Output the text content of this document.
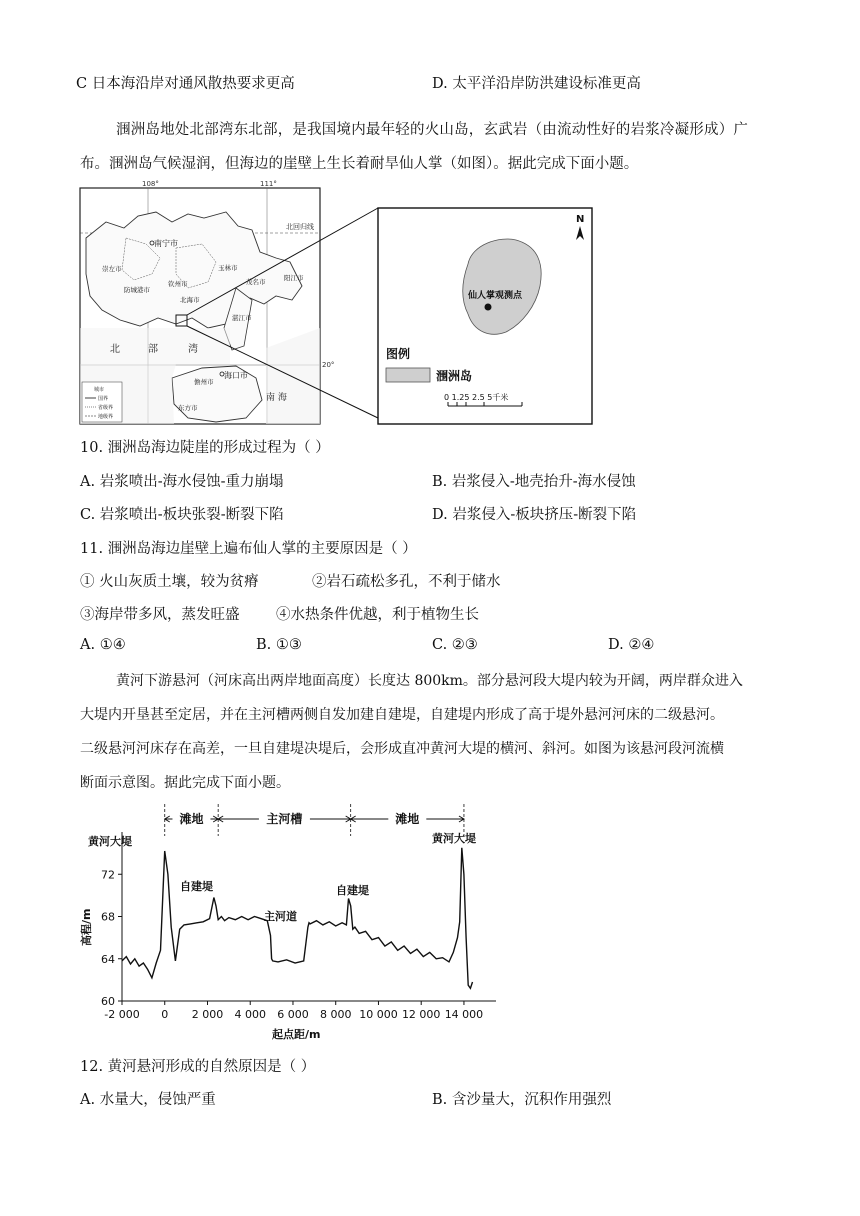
C 日本海沿岸对通风散热要求更高	D. 太平洋沿岸防洪建设标准更高
涠洲岛地处北部湾东北部，是我国境内最年轻的火山岛，玄武岩（由流动性好的岩浆冷凝形成）广
布。涠洲岛气候湿润，但海边的崖壁上生长着耐旱仙人掌（如图）。据此完成下面小题。
108°	111°
北回归线
20°
南宁市
崇左市	玉林市
钦州市
防城港市
北海市
茂名市	阳江市
湛江市
海口市
儋州市
东方市
北	部	湾
南 海
城市
国界
省级界
地级界
N
仙人掌观测点
图例
涠洲岛
0 1.25 2.5 5千米
10. 涠洲岛海边陡崖的形成过程为（ ）
A. 岩浆喷出-海水侵蚀-重力崩塌	B. 岩浆侵入-地壳抬升-海水侵蚀
C. 岩浆喷出-板块张裂-断裂下陷	D. 岩浆侵入-板块挤压-断裂下陷
11. 涠洲岛海边崖壁上遍布仙人掌的主要原因是（ ）
① 火山灰质土壤，较为贫瘠	②岩石疏松多孔，不利于储水
③海岸带多风，蒸发旺盛	④水热条件优越，利于植物生长
A. ①④	B. ①③	C. ②③	D. ②④
黄河下游悬河（河床高出两岸地面高度）长度达 800km。部分悬河段大堤内较为开阔，两岸群众进入
大堤内开垦甚至定居，并在主河槽两侧自发加建自建堤，自建堤内形成了高于堤外悬河河床的二级悬河。
二级悬河河床存在高差，一旦自建堤决堤后，会形成直冲黄河大堤的横河、斜河。如图为该悬河段河流横
断面示意图。据此完成下面小题。
滩地	主河槽	滩地
60
64
68
72
-2 000 0 2 000 4 000 6 000 8 000 10 000 12 000 14 000
高程/m
起点距/m
黄河大堤
自建堤
主河道
自建堤
黄河大堤
12. 黄河悬河形成的自然原因是（ ）
A. 水量大，侵蚀严重	B. 含沙量大，沉积作用强烈
